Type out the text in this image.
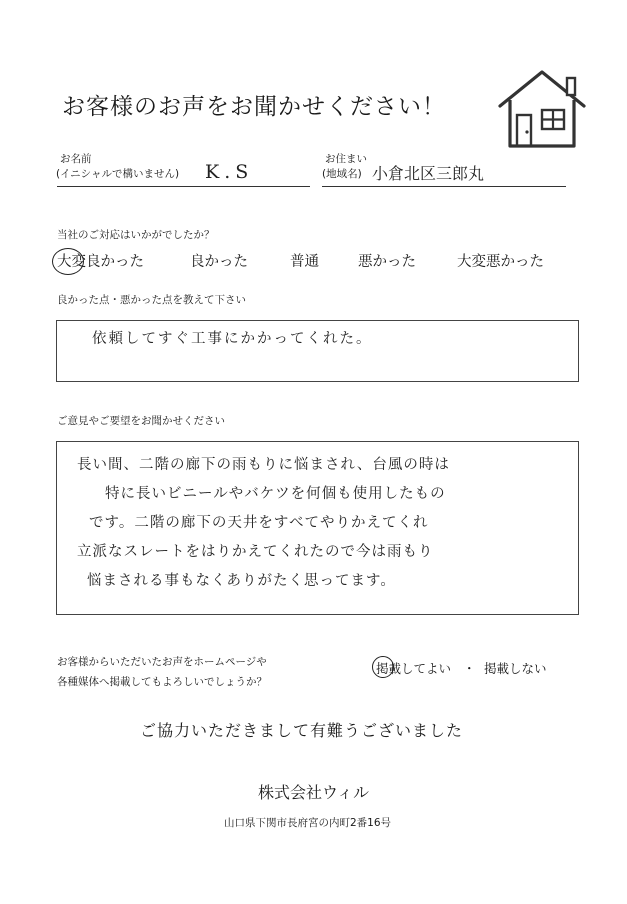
お客様のお声をお聞かせください！
お名前
(イニシャルで構いません) K.S
お住まい
(地域名) 小倉北区三郎丸
当社のご対応はいかがでしたか？
大変良かった	良かった	普通	悪かった	大変悪かった
良かった点・悪かった点を教えて下さい
依頼してすぐ工事にかかってくれた。
ご意見やご要望をお聞かせください

長い間、二階の廊下の雨もりに悩まされ、台風の時は

特に長いビニールやバケツを何個も使用したもの

です。二階の廊下の天井をすべてやりかえてくれ

立派なスレートをはりかえてくれたので今は雨もり

悩まされる事もなくありがたく思ってます。

お客様からいただいたお声をホームページや
各種媒体へ掲載してもよろしいでしょうか？
掲載してよい ・ 掲載しない
ご協力いただきまして有難うございました
株式会社ウィル
山口県下関市長府宮の内町2番16号
